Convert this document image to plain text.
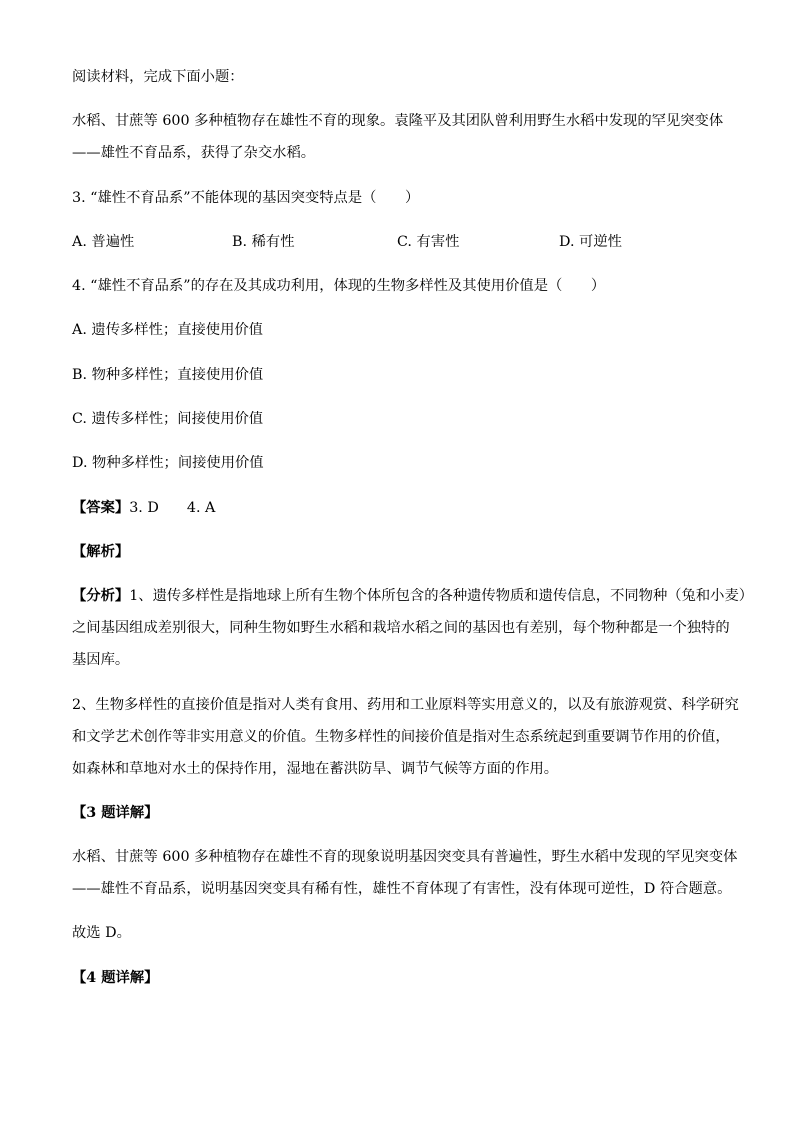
阅读材料，完成下面小题：
水稻、甘蔗等 600 多种植物存在雄性不育的现象。袁隆平及其团队曾利用野生水稻中发现的罕见突变体
——雄性不育品系，获得了杂交水稻。
3. “雄性不育品系”不能体现的基因突变特点是（　　）
A. 普遍性	B. 稀有性	C. 有害性	D. 可逆性
4. “雄性不育品系”的存在及其成功利用，体现的生物多样性及其使用价值是（　　）
A. 遗传多样性；直接使用价值
B. 物种多样性；直接使用价值
C. 遗传多样性；间接使用价值
D. 物种多样性；间接使用价值
【答案】3. D 4. A
【解析】
【分析】1、遗传多样性是指地球上所有生物个体所包含的各种遗传物质和遗传信息，不同物种（兔和小麦）
之间基因组成差别很大，同种生物如野生水稻和栽培水稻之间的基因也有差别，每个物种都是一个独特的
基因库。
2、生物多样性的直接价值是指对人类有食用、药用和工业原料等实用意义的，以及有旅游观赏、科学研究
和文学艺术创作等非实用意义的价值。生物多样性的间接价值是指对生态系统起到重要调节作用的价值，
如森林和草地对水土的保持作用，湿地在蓄洪防旱、调节气候等方面的作用。
【3 题详解】
水稻、甘蔗等 600 多种植物存在雄性不育的现象说明基因突变具有普遍性，野生水稻中发现的罕见突变体
——雄性不育品系，说明基因突变具有稀有性，雄性不育体现了有害性，没有体现可逆性，D 符合题意。
故选 D。
【4 题详解】
